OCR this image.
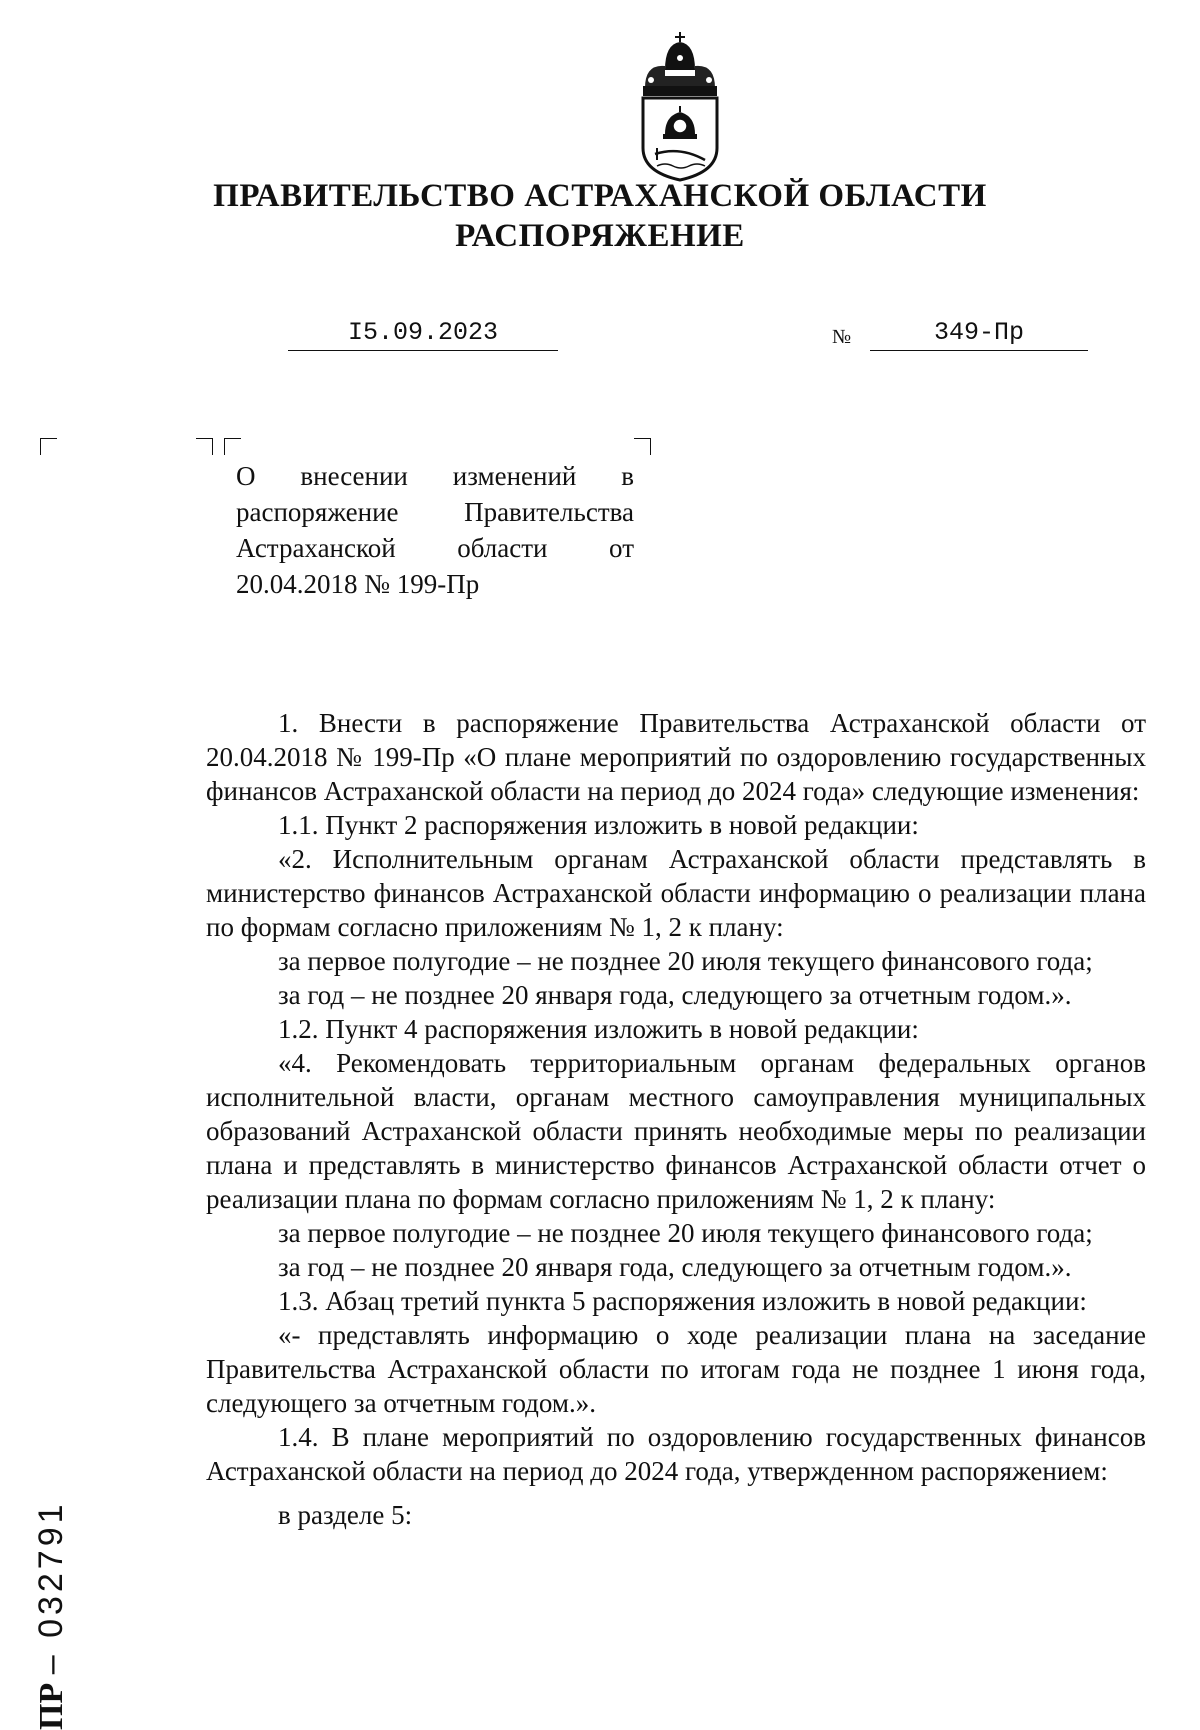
ПРАВИТЕЛЬСТВО АСТРАХАНСКОЙ ОБЛАСТИ
РАСПОРЯЖЕНИЕ
I5.09.2023	№	349-Пр
О внесении изменений в распоряжение Правительства Астраханской области от 20.04.2018 № 199-Пр

1. Внести в распоряжение Правительства Астраханской области от 20.04.2018 № 199-Пр «О плане мероприятий по оздоровлению государственных финансов Астраханской области на период до 2024 года» следующие изменения:

1.1. Пункт 2 распоряжения изложить в новой редакции:

«2. Исполнительным органам Астраханской области представлять в министерство финансов Астраханской области информацию о реализации плана по формам согласно приложениям № 1, 2 к плану:

за первое полугодие – не позднее 20 июля текущего финансового года;

за год – не позднее 20 января года, следующего за отчетным годом.».

1.2. Пункт 4 распоряжения изложить в новой редакции:

«4. Рекомендовать территориальным органам федеральных органов исполнительной власти, органам местного самоуправления муниципальных образований Астраханской области принять необходимые меры по реализации плана и представлять в министерство финансов Астраханской области отчет о реализации плана по формам согласно приложениям № 1, 2 к плану:

за первое полугодие – не позднее 20 июля текущего финансового года;

за год – не позднее 20 января года, следующего за отчетным годом.».

1.3. Абзац третий пункта 5 распоряжения изложить в новой редакции:

«- представлять информацию о ходе реализации плана на заседание Правительства Астраханской области по итогам года не позднее 1 июня года, следующего за отчетным годом.».

1.4. В плане мероприятий по оздоровлению государственных финансов Астраханской области на период до 2024 года, утвержденном распоряжением:

в разделе 5:

ПР – 032791
